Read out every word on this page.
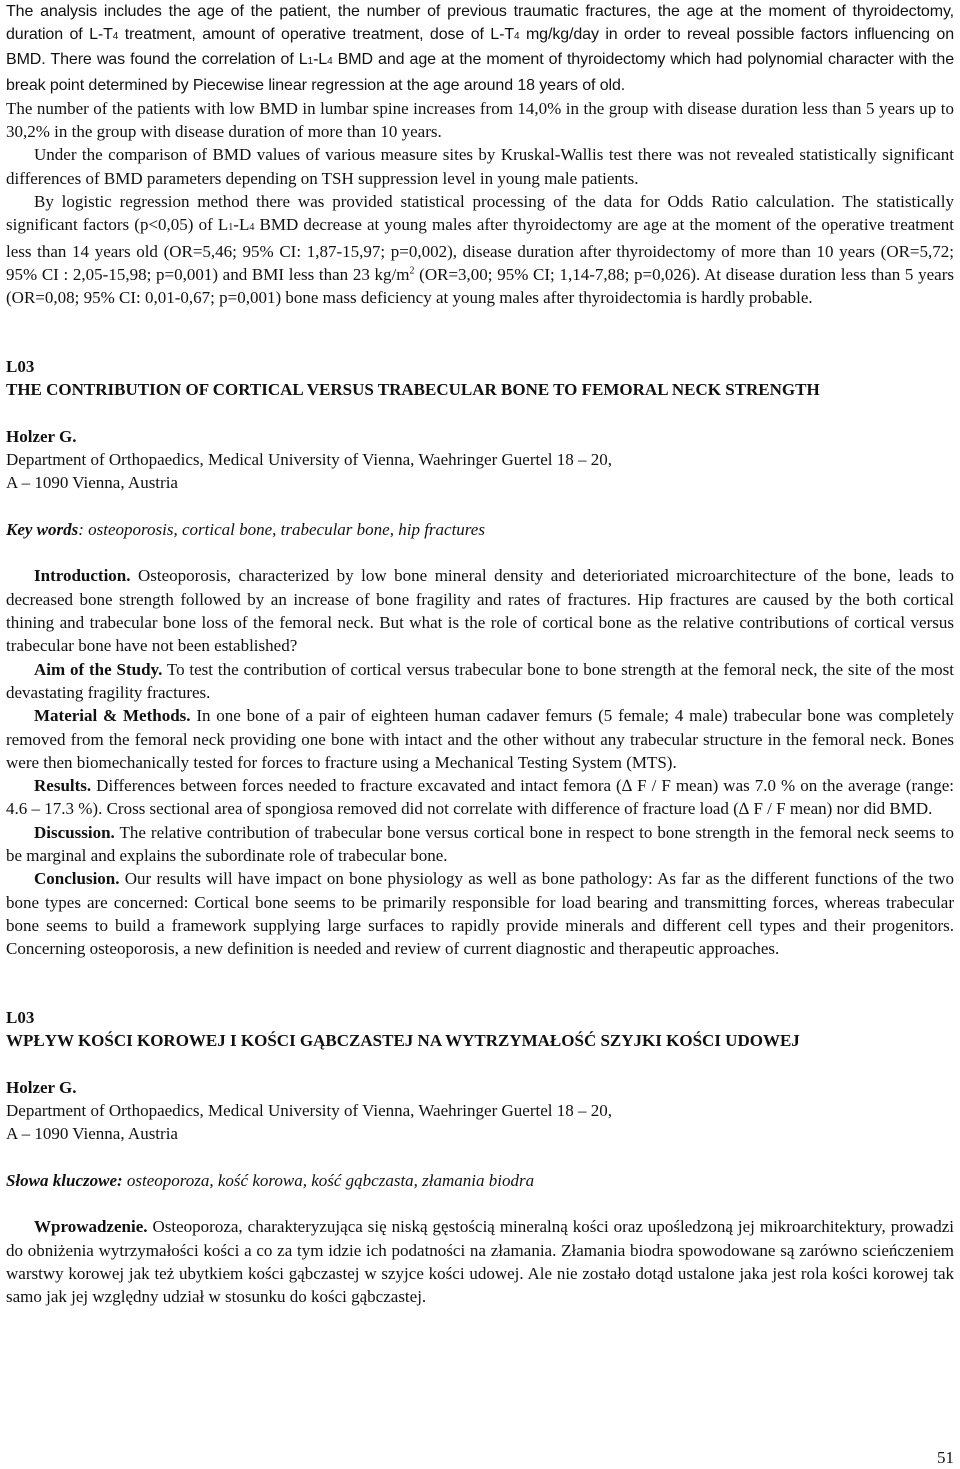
The analysis includes the age of the patient, the number of previous traumatic fractures, the age at the moment of thyroidectomy, duration of L-T4 treatment, amount of operative treatment, dose of L-T4 mg/kg/day in order to reveal possible factors influencing on BMD. There was found the correlation of L1-L4 BMD and age at the moment of thyroidectomy which had polynomial character with the break point determined by Piecewise linear regression at the age around 18 years of old.

The number of the patients with low BMD in lumbar spine increases from 14,0% in the group with disease duration less than 5 years up to 30,2% in the group with disease duration of more than 10 years.

Under the comparison of BMD values of various measure sites by Kruskal-Wallis test there was not revealed statistically significant differences of BMD parameters depending on TSH suppression level in young male patients.

By logistic regression method there was provided statistical processing of the data for Odds Ratio calculation. The statistically significant factors (p<0,05) of L1-L4 BMD decrease at young males after thyroidectomy are age at the moment of the operative treatment less than 14 years old (OR=5,46; 95% CI: 1,87-15,97; p=0,002), disease duration after thyroidectomy of more than 10 years (OR=5,72; 95% CI : 2,05-15,98; p=0,001) and BMI less than 23 $kg/m^2$ (OR=3,00; 95% CI; 1,14-7,88; p=0,026). At disease duration less than 5 years (OR=0,08; 95% CI: 0,01-0,67; p=0,001) bone mass deficiency at young males after thyroidectomia is hardly probable.

L03

THE CONTRIBUTION OF CORTICAL VERSUS TRABECULAR BONE TO FEMORAL NECK STRENGTH

Holzer G.

Department of Orthopaedics, Medical University of Vienna, Waehringer Guertel 18 – 20,

A – 1090 Vienna, Austria

Key words: osteoporosis, cortical bone, trabecular bone, hip fractures

Introduction. Osteoporosis, characterized by low bone mineral density and deterioriated microarchitecture of the bone, leads to decreased bone strength followed by an increase of bone fragility and rates of fractures. Hip fractures are caused by the both cortical thining and trabecular bone loss of the femoral neck. But what is the role of cortical bone as the relative contributions of cortical versus trabecular bone have not been established?

Aim of the Study. To test the contribution of cortical versus trabecular bone to bone strength at the femoral neck, the site of the most devastating fragility fractures.

Material & Methods. In one bone of a pair of eighteen human cadaver femurs (5 female; 4 male) trabecular bone was completely removed from the femoral neck providing one bone with intact and the other without any trabecular structure in the femoral neck. Bones were then biomechanically tested for forces to fracture using a Mechanical Testing System (MTS).

Results. Differences between forces needed to fracture excavated and intact femora (∆ F / F mean) was 7.0 % on the average (range: 4.6 – 17.3 %). Cross sectional area of spongiosa removed did not correlate with difference of fracture load (∆ F / F mean) nor did BMD.

Discussion. The relative contribution of trabecular bone versus cortical bone in respect to bone strength in the femoral neck seems to be marginal and explains the subordinate role of trabecular bone.

Conclusion. Our results will have impact on bone physiology as well as bone pathology: As far as the different functions of the two bone types are concerned: Cortical bone seems to be primarily responsible for load bearing and transmitting forces, whereas trabecular bone seems to build a framework supplying large surfaces to rapidly provide minerals and different cell types and their progenitors. Concerning osteoporosis, a new definition is needed and review of current diagnostic and therapeutic approaches.

L03

WPŁYW KOŚCI KOROWEJ I KOŚCI GĄBCZASTEJ NA WYTRZYMAŁOŚĆ SZYJKI KOŚCI UDOWEJ

Holzer G.

Department of Orthopaedics, Medical University of Vienna, Waehringer Guertel 18 – 20,

A – 1090 Vienna, Austria

Słowa kluczowe: osteoporoza, kość korowa, kość gąbczasta, złamania biodra

Wprowadzenie. Osteoporoza, charakteryzująca się niską gęstością mineralną kości oraz upośledzoną jej mikroarchitektury, prowadzi do obniżenia wytrzymałości kości a co za tym idzie ich podatności na złamania. Złamania biodra spowodowane są zarówno scieńczeniem warstwy korowej jak też ubytkiem kości gąbczastej w szyjce kości udowej. Ale nie zostało dotąd ustalone jaka jest rola kości korowej tak samo jak jej względny udział w stosunku do kości gąbczastej.

51
